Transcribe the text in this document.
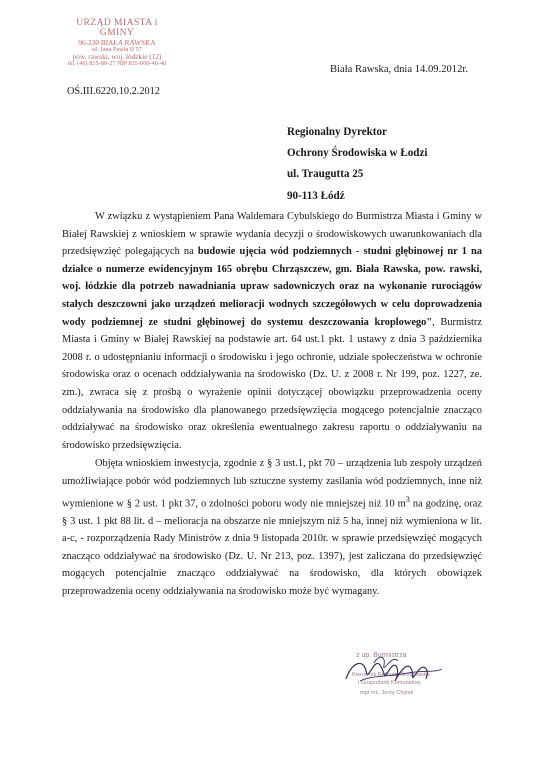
URZĄD MIASTA i GMINY
96-230 BIAŁA RAWSKA
ul. Jana Pawła II 57
pow. rawski, woj. łódzkie (12)
tel. (46) 815-80-27 NIP 835-000-40-40
Biała Rawska, dnia 14.09.2012r.
OŚ.III.6220.10.2.2012
Regionalny Dyrektor
Ochrony Środowiska w Łodzi
ul. Traugutta 25
90-113 Łódź

W związku z wystąpieniem Pana Waldemara Cybulskiego do Burmistrza Miasta i Gminy w Białej Rawskiej z wnioskiem w sprawie wydania decyzji o środowiskowych uwarunkowaniach dla przedsięwzięć polegających na budowie ujęcia wód podziemnych - studni głębinowej nr 1 na działce o numerze ewidencyjnym 165 obrębu Chrząszczew, gm. Biała Rawska, pow. rawski, woj. łódzkie dla potrzeb nawadniania upraw sadowniczych oraz na wykonanie rurociągów stałych deszczowni jako urządzeń melioracji wodnych szczegółowych w celu doprowadzenia wody podziemnej ze studni głębinowej do systemu deszczowania kroplowego", Burmistrz Miasta i Gminy w Białej Rawskiej na podstawie art. 64 ust.1 pkt. 1 ustawy z dnia 3 października 2008 r. o udostępnianiu informacji o środowisku i jego ochronie, udziale społeczeństwa w ochronie środowiska oraz o ocenach oddziaływania na środowisko (Dz. U. z 2008 r. Nr 199, poz. 1227, ze. zm.), zwraca się z prośbą o wyrażenie opinii dotyczącej obowiązku przeprowadzenia oceny oddziaływania na środowisko dla planowanego przedsięwzięcia mogącego potencjalnie znacząco oddziaływać na środowisko oraz określenia ewentualnego zakresu raportu o oddziaływaniu na środowisko przedsięwzięcia.

Objęta wnioskiem inwestycja, zgodnie z § 3 ust.1, pkt 70 – urządzenia lub zespoły urządzeń umożliwiające pobór wód podziemnych lub sztuczne systemy zasilania wód podziemnych, inne niż wymienione w § 2 ust. 1 pkt 37, o zdolności poboru wody nie mniejszej niż 10 $m^3$ na godzinę, oraz § 3 ust. 1 pkt 88 lit. d – melioracja na obszarze nie mniejszym niż 5 ha, innej niż wymieniona w lit. a-c, - rozporządzenia Rady Ministrów z dnia 9 listopada 2010r. w sprawie przedsięwzięć mogących znacząco oddziaływać na środowisko (Dz. U. Nr 213, poz. 1397), jest zaliczana do przedsięwzięć mogących potencjalnie znacząco oddziaływać na środowisko, dla których obowiązek przeprowadzenia oceny oddziaływania na środowisko może być wymagany.

z up. Burmistrza
Kierownik Referatu Środowiska
i Gospodarki Komunalnej
mgr inż. Jerzy Chylak
